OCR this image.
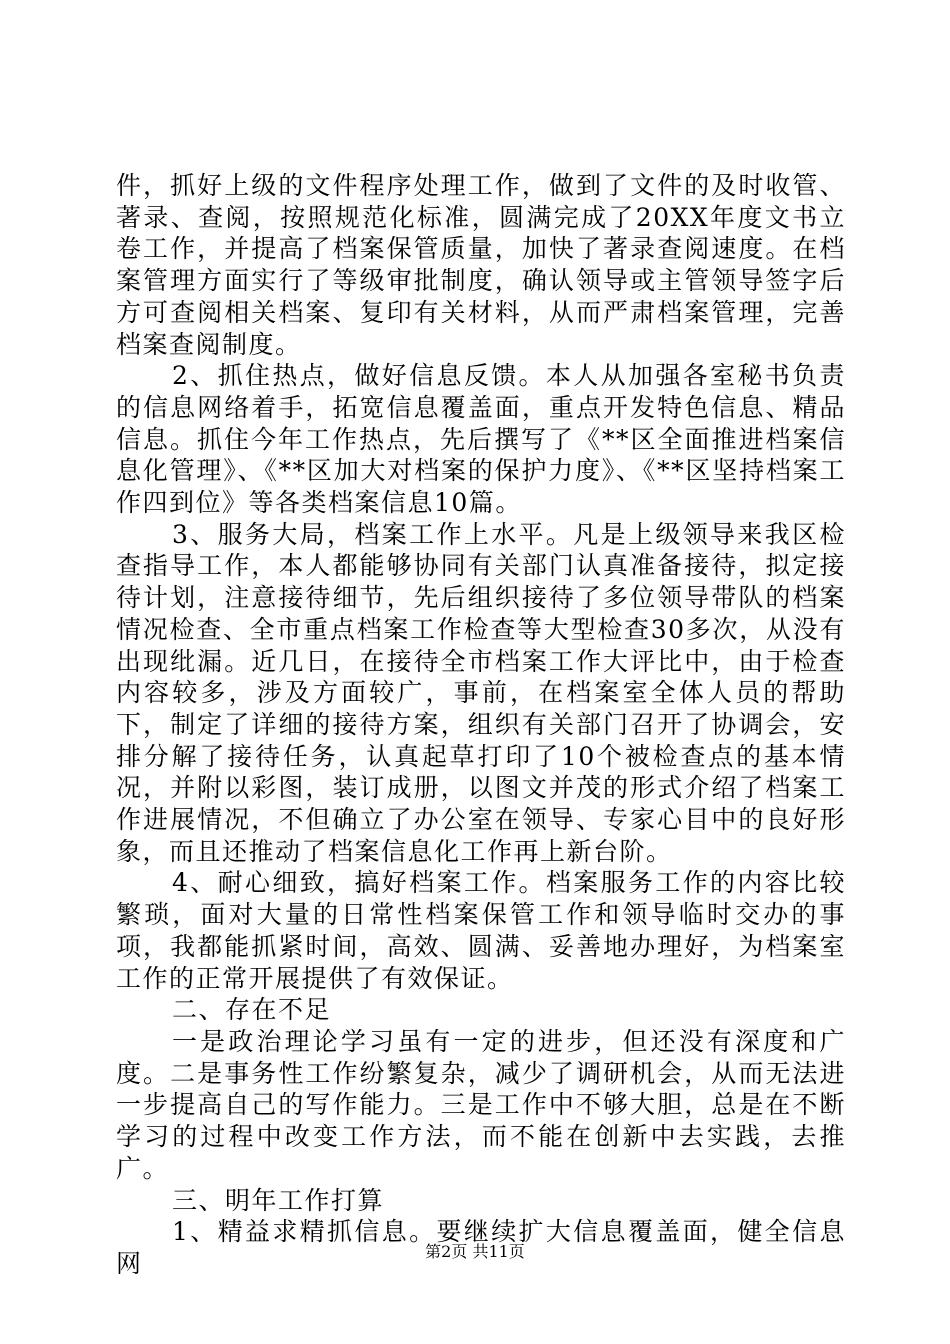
件，抓好上级的文件程序处理工作，做到了文件的及时收管、著录、查阅，按照规范化标准，圆满完成了20XX年度文书立卷工作，并提高了档案保管质量，加快了著录查阅速度。在档案管理方面实行了等级审批制度，确认领导或主管领导签字后方可查阅相关档案、复印有关材料，从而严肃档案管理，完善档案查阅制度。

2、抓住热点，做好信息反馈。本人从加强各室秘书负责的信息网络着手，拓宽信息覆盖面，重点开发特色信息、精品信息。抓住今年工作热点，先后撰写了《**区全面推进档案信息化管理》、《**区加大对档案的保护力度》、《**区坚持档案工作四到位》等各类档案信息10篇。

3、服务大局，档案工作上水平。凡是上级领导来我区检查指导工作，本人都能够协同有关部门认真准备接待，拟定接待计划，注意接待细节，先后组织接待了多位领导带队的档案情况检查、全市重点档案工作检查等大型检查30多次，从没有出现纰漏。近几日，在接待全市档案工作大评比中，由于检查内容较多，涉及方面较广，事前，在档案室全体人员的帮助下，制定了详细的接待方案，组织有关部门召开了协调会，安排分解了接待任务，认真起草打印了10个被检查点的基本情况，并附以彩图，装订成册，以图文并茂的形式介绍了档案工作进展情况，不但确立了办公室在领导、专家心目中的良好形象，而且还推动了档案信息化工作再上新台阶。

4、耐心细致，搞好档案工作。档案服务工作的内容比较繁琐，面对大量的日常性档案保管工作和领导临时交办的事项，我都能抓紧时间，高效、圆满、妥善地办理好，为档案室工作的正常开展提供了有效保证。

二、存在不足

一是政治理论学习虽有一定的进步，但还没有深度和广度。二是事务性工作纷繁复杂，减少了调研机会，从而无法进一步提高自己的写作能力。三是工作中不够大胆，总是在不断学习的过程中改变工作方法，而不能在创新中去实践，去推广。

三、明年工作打算

1、精益求精抓信息。要继续扩大信息覆盖面，健全信息网	第2页 共11页
